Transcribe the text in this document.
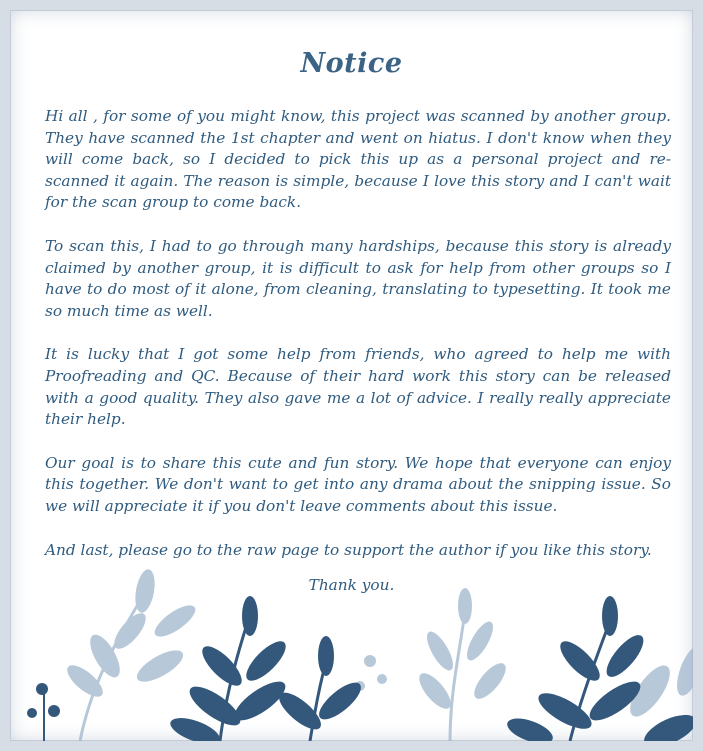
Notice

Hi all , for some of you might know, this project was scanned by another group. They have scanned the 1st chapter and went on hiatus. I don't know when they will come back, so I decided to pick this up as a personal project and re-scanned it again. The reason is simple, because I love this story and I can't wait for the scan group to come back.

To scan this, I had to go through many hardships, because this story is already claimed by another group, it is difficult to ask for help from other groups so I have to do most of it alone, from cleaning, translating to typesetting. It took me so much time as well.

It is lucky that I got some help from friends, who agreed to help me with Proofreading and QC. Because of their hard work this story can be released with a good quality. They also gave me a lot of advice. I really really appreciate their help.

Our goal is to share this cute and fun story. We hope that everyone can enjoy this together. We don't want to get into any drama about the snipping issue. So we will appreciate it if you don't leave comments about this issue.

And last, please go to the raw page to support the author if you like this story.

Thank you.
